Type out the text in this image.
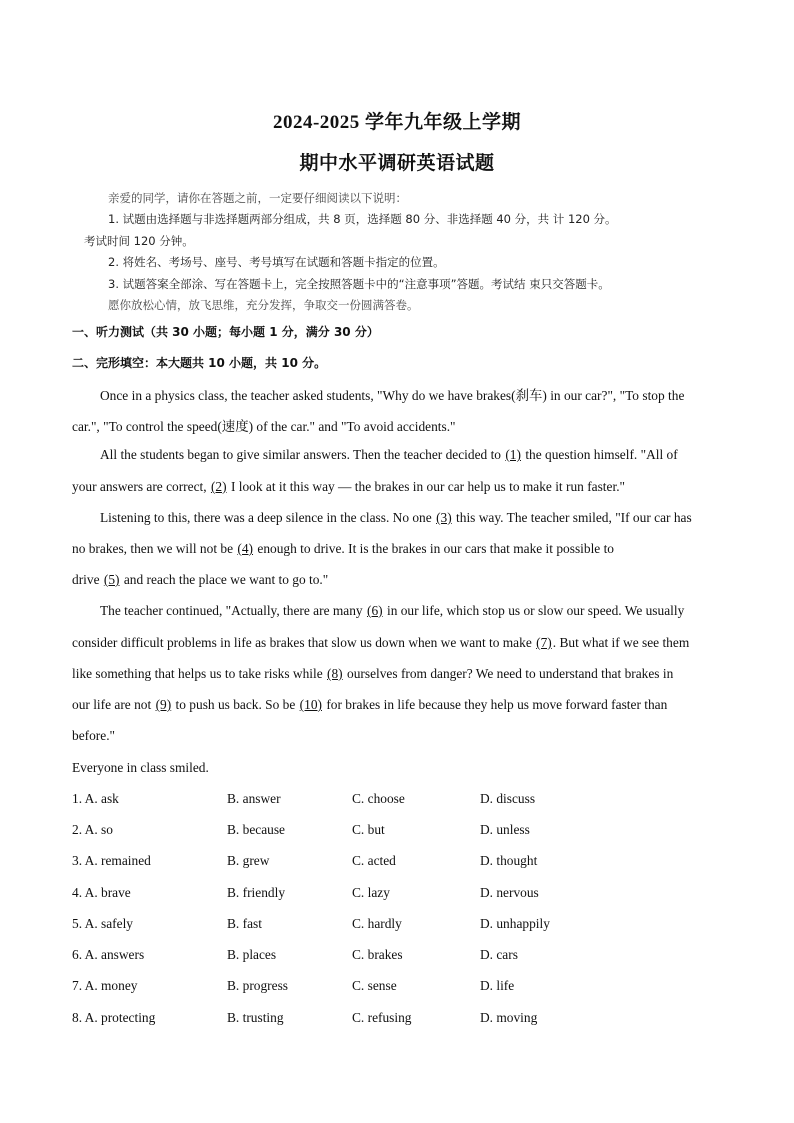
2024-2025 学年九年级上学期
期中水平调研英语试题
亲爱的同学，请你在答题之前，一定要仔细阅读以下说明：
1. 试题由选择题与非选择题两部分组成，共 8 页，选择题 80 分、非选择题 40 分，共 计 120 分。
考试时间 120 分钟。
2. 将姓名、考场号、座号、考号填写在试题和答题卡指定的位置。
3. 试题答案全部涂、写在答题卡上，完全按照答题卡中的“注意事项”答题。考试结 束只交答题卡。
愿你放松心情，放飞思维，充分发挥，争取交一份圆满答卷。
一、听力测试（共 30 小题；每小题 1 分，满分 30 分）
二、完形填空：本大题共 10 小题，共 10 分。
Once in a physics class, the teacher asked students, "Why do we have brakes(刹车) in our car?", "To stop the
car.", "To control the speed(速度) of the car." and "To avoid accidents."
All the students began to give similar answers. Then the teacher decided to (1) the question himself. "All of
your answers are correct, (2) I look at it this way — the brakes in our car help us to make it run faster."
Listening to this, there was a deep silence in the class. No one (3) this way. The teacher smiled, "If our car has
no brakes, then we will not be (4) enough to drive. It is the brakes in our cars that make it possible to
drive (5) and reach the place we want to go to."
The teacher continued, "Actually, there are many (6) in our life, which stop us or slow our speed. We usually
consider difficult problems in life as brakes that slow us down when we want to make (7). But what if we see them
like something that helps us to take risks while (8) ourselves from danger? We need to understand that brakes in
our life are not (9) to push us back. So be (10) for brakes in life because they help us move forward faster than
before."
Everyone in class smiled.
1. A. ask	B. answer	C. choose	D. discuss
2. A. so	B. because	C. but	D. unless
3. A. remained	B. grew	C. acted	D. thought
4. A. brave	B. friendly	C. lazy	D. nervous
5. A. safely	B. fast	C. hardly	D. unhappily
6. A. answers	B. places	C. brakes	D. cars
7. A. money	B. progress	C. sense	D. life
8. A. protecting	B. trusting	C. refusing	D. moving
